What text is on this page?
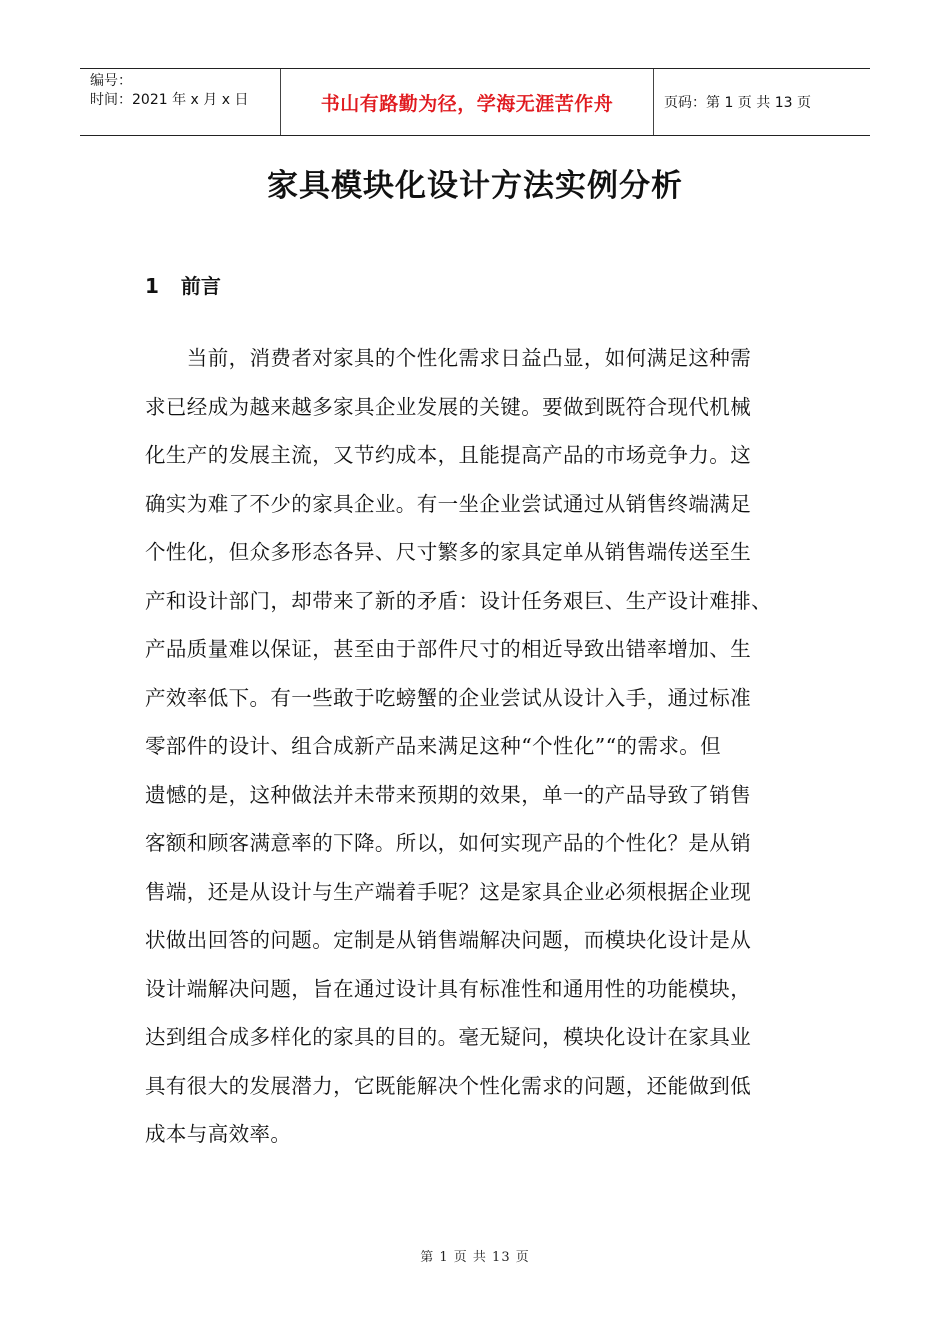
编号：
时间：2021 年 x 月 x 日	书山有路勤为径，学海无涯苦作舟	页码：第 1 页 共 13 页
家具模块化设计方法实例分析
1 前言
　　当前，消费者对家具的个性化需求日益凸显，如何满足这种需
求已经成为越来越多家具企业发展的关键。要做到既符合现代机械
化生产的发展主流，又节约成本，且能提高产品的市场竞争力。这
确实为难了不少的家具企业。有一坐企业尝试通过从销售终端满足
个性化，但众多形态各异、尺寸繁多的家具定单从销售端传送至生
产和设计部门，却带来了新的矛盾：设计任务艰巨、生产设计难排、
产品质量难以保证，甚至由于部件尺寸的相近导致出错率增加、生
产效率低下。有一些敢于吃螃蟹的企业尝试从设计入手，通过标准
零部件的设计、组合成新产品来满足这种“个性化”“的需求。但
遗憾的是，这种做法并未带来预期的效果，单一的产品导致了销售
客额和顾客满意率的下降。所以，如何实现产品的个性化？是从销
售端，还是从设计与生产端着手呢？这是家具企业必须根据企业现
状做出回答的问题。定制是从销售端解决问题，而模块化设计是从
设计端解决问题，旨在通过设计具有标准性和通用性的功能模块，
达到组合成多样化的家具的目的。毫无疑问，模块化设计在家具业
具有很大的发展潜力，它既能解决个性化需求的问题，还能做到低
成本与高效率。
第 1 页 共 13 页
